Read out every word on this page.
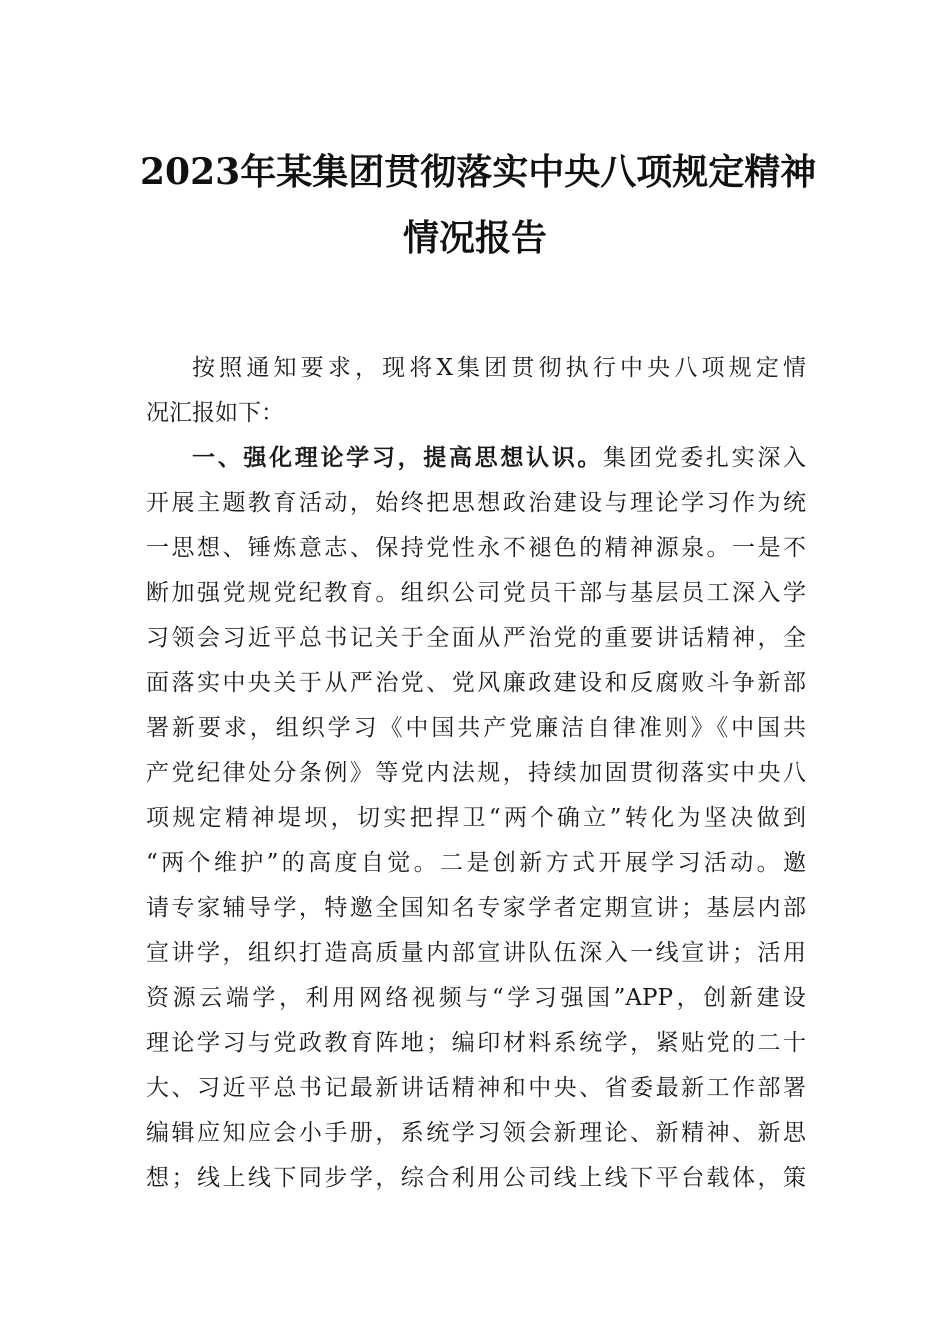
2023年某集团贯彻落实中央八项规定精神
情况报告
按照通知要求，现将X集团贯彻执行中央八项规定情
况汇报如下：
一、强化理论学习，提高思想认识。集团党委扎实深入
开展主题教育活动，始终把思想政治建设与理论学习作为统
一思想、锤炼意志、保持党性永不褪色的精神源泉。一是不
断加强党规党纪教育。组织公司党员干部与基层员工深入学
习领会习近平总书记关于全面从严治党的重要讲话精神，全
面落实中央关于从严治党、党风廉政建设和反腐败斗争新部
署新要求，组织学习《中国共产党廉洁自律准则》《中国共
产党纪律处分条例》等党内法规，持续加固贯彻落实中央八
项规定精神堤坝，切实把捍卫“两个确立”转化为坚决做到
“两个维护”的高度自觉。二是创新方式开展学习活动。邀
请专家辅导学，特邀全国知名专家学者定期宣讲；基层内部
宣讲学，组织打造高质量内部宣讲队伍深入一线宣讲；活用
资源云端学，利用网络视频与“学习强国”APP，创新建设
理论学习与党政教育阵地；编印材料系统学，紧贴党的二十
大、习近平总书记最新讲话精神和中央、省委最新工作部署
编辑应知应会小手册，系统学习领会新理论、新精神、新思
想；线上线下同步学，综合利用公司线上线下平台载体，策
